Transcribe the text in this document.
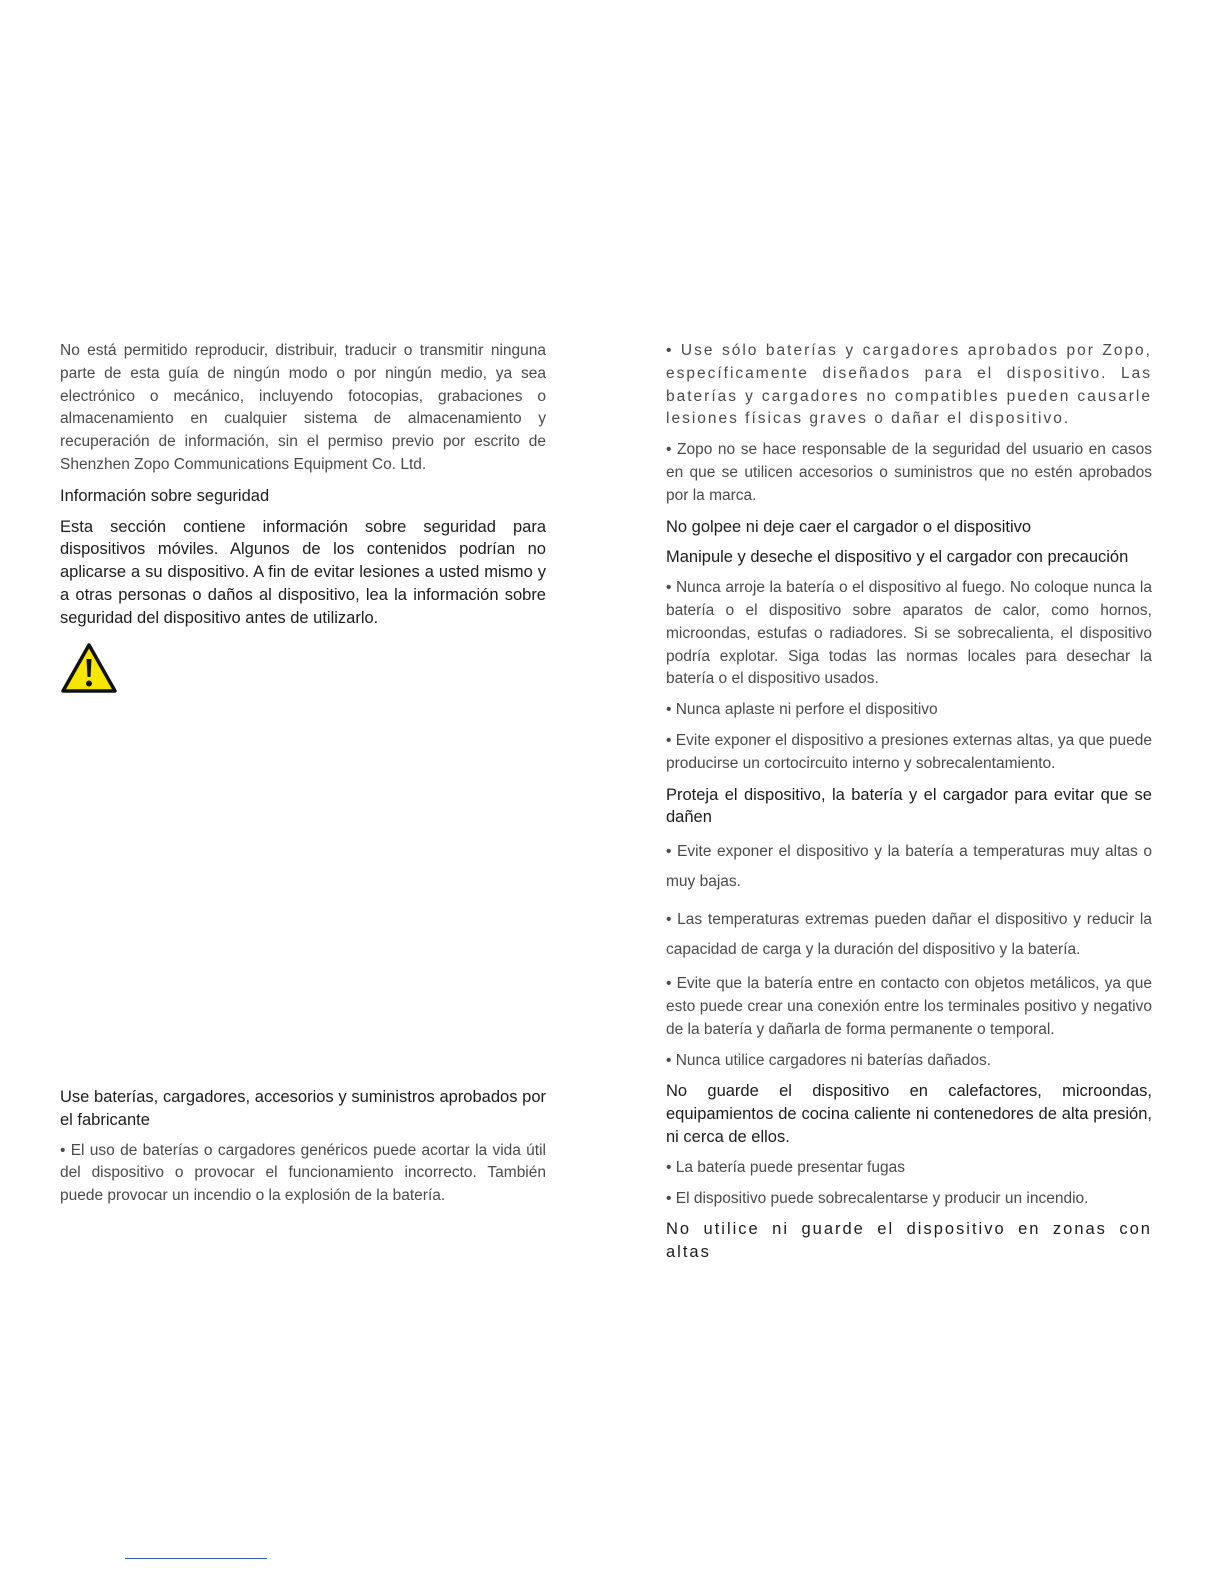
No está permitido reproducir, distribuir, traducir o transmitir ninguna parte de esta guía de ningún modo o por ningún medio, ya sea electrónico o mecánico, incluyendo fotocopias, grabaciones o almacenamiento en cualquier sistema de almacenamiento y recuperación de información, sin el permiso previo por escrito de Shenzhen Zopo Communications Equipment Co. Ltd.

Información sobre seguridad

Esta sección contiene información sobre seguridad para dispositivos móviles. Algunos de los contenidos podrían no aplicarse a su dispositivo. A fin de evitar lesiones a usted mismo y a otras personas o daños al dispositivo, lea la información sobre seguridad del dispositivo antes de utilizarlo.

Use baterías, cargadores, accesorios y suministros aprobados por el fabricante

• El uso de baterías o cargadores genéricos puede acortar la vida útil del dispositivo o provocar el funcionamiento incorrecto. También puede provocar un incendio o la explosión de la batería.

• Use sólo baterías y cargadores aprobados por Zopo, específicamente diseñados para el dispositivo. Las baterías y cargadores no compatibles pueden causarle lesiones físicas graves o dañar el dispositivo.

• Zopo no se hace responsable de la seguridad del usuario en casos en que se utilicen accesorios o suministros que no estén aprobados por la marca.

No golpee ni deje caer el cargador o el dispositivo

Manipule y deseche el dispositivo y el cargador con precaución

• Nunca arroje la batería o el dispositivo al fuego. No coloque nunca la batería o el dispositivo sobre aparatos de calor, como hornos, microondas, estufas o radiadores. Si se sobrecalienta, el dispositivo podría explotar. Siga todas las normas locales para desechar la batería o el dispositivo usados.

• Nunca aplaste ni perfore el dispositivo

• Evite exponer el dispositivo a presiones externas altas, ya que puede producirse un cortocircuito interno y sobrecalentamiento.

Proteja el dispositivo, la batería y el cargador para evitar que se dañen

• Evite exponer el dispositivo y la batería a temperaturas muy altas o muy bajas.

• Las temperaturas extremas pueden dañar el dispositivo y reducir la capacidad de carga y la duración del dispositivo y la batería.

• Evite que la batería entre en contacto con objetos metálicos, ya que esto puede crear una conexión entre los terminales positivo y negativo de la batería y dañarla de forma permanente o temporal.

• Nunca utilice cargadores ni baterías dañados.

No guarde el dispositivo en calefactores, microondas, equipamientos de cocina caliente ni contenedores de alta presión, ni cerca de ellos.

• La batería puede presentar fugas

• El dispositivo puede sobrecalentarse y producir un incendio.

No utilice ni guarde el dispositivo en zonas con altas
